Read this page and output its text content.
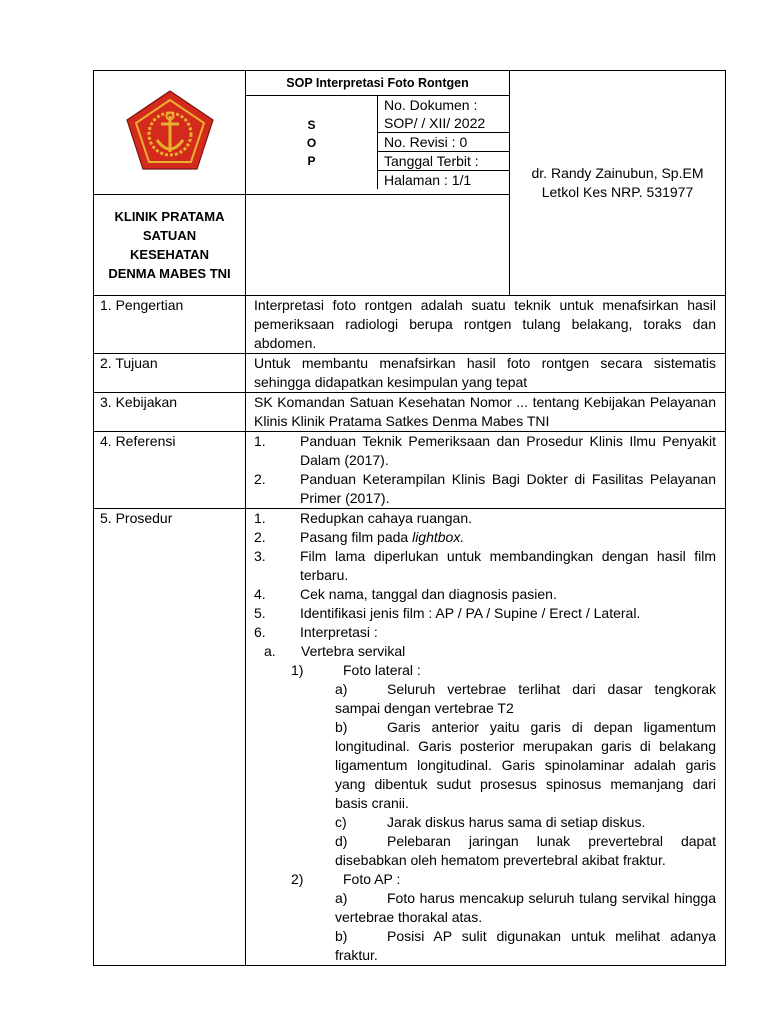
SOP Interpretasi Foto Rontgen

S
O
P
	No. Dokumen :
SOP/ / XII/ 2022
No. Revisi : 0
Tanggal Terbit :
Halaman : 1/1
		dr. Randy Zainubun, Sp.EM
Letkol Kes NRP. 531977

KLINIK PRATAMA
SATUAN
KESEHATAN
DENMA MABES TNI

1. Pengertian	Interpretasi foto rontgen adalah suatu teknik untuk menafsirkan hasil pemeriksaan radiologi berupa rontgen tulang belakang, toraks dan abdomen.
2. Tujuan	Untuk membantu menafsirkan hasil foto rontgen secara sistematis sehingga didapatkan kesimpulan yang tepat
3. Kebijakan	SK Komandan Satuan Kesehatan Nomor ... tentang Kebijakan Pelayanan Klinis Klinik Pratama Satkes Denma Mabes TNI
4. Referensi	1.	Panduan Teknik Pemeriksaan dan Prosedur Klinis Ilmu Penyakit Dalam (2017).
2.	Panduan Keterampilan Klinis Bagi Dokter di Fasilitas Pelayanan Primer (2017).

5. Prosedur	1.	Redupkan cahaya ruangan.
2.	Pasang film pada lightbox.
3.	Film lama diperlukan untuk membandingkan dengan hasil film terbaru.
4.	Cek nama, tanggal dan diagnosis pasien.
5.	Identifikasi jenis film : AP / PA / Supine / Erect / Lateral.
6.	Interpretasi :
a.	Vertebra servikal
1)	Foto lateral :
a)	Seluruh vertebrae terlihat dari dasar tengkorak sampai dengan vertebrae T2
b)	Garis anterior yaitu garis di depan ligamentum longitudinal. Garis posterior merupakan garis di belakang ligamentum longitudinal. Garis spinolaminar adalah garis yang dibentuk sudut prosesus spinosus memanjang dari basis cranii.
c)	Jarak diskus harus sama di setiap diskus.
d)	Pelebaran jaringan lunak prevertebral dapat disebabkan oleh hematom prevertebral akibat fraktur.
2)	Foto AP :
a)	Foto harus mencakup seluruh tulang servikal hingga vertebrae thorakal atas.
b)	Posisi AP sulit digunakan untuk melihat adanya fraktur.
